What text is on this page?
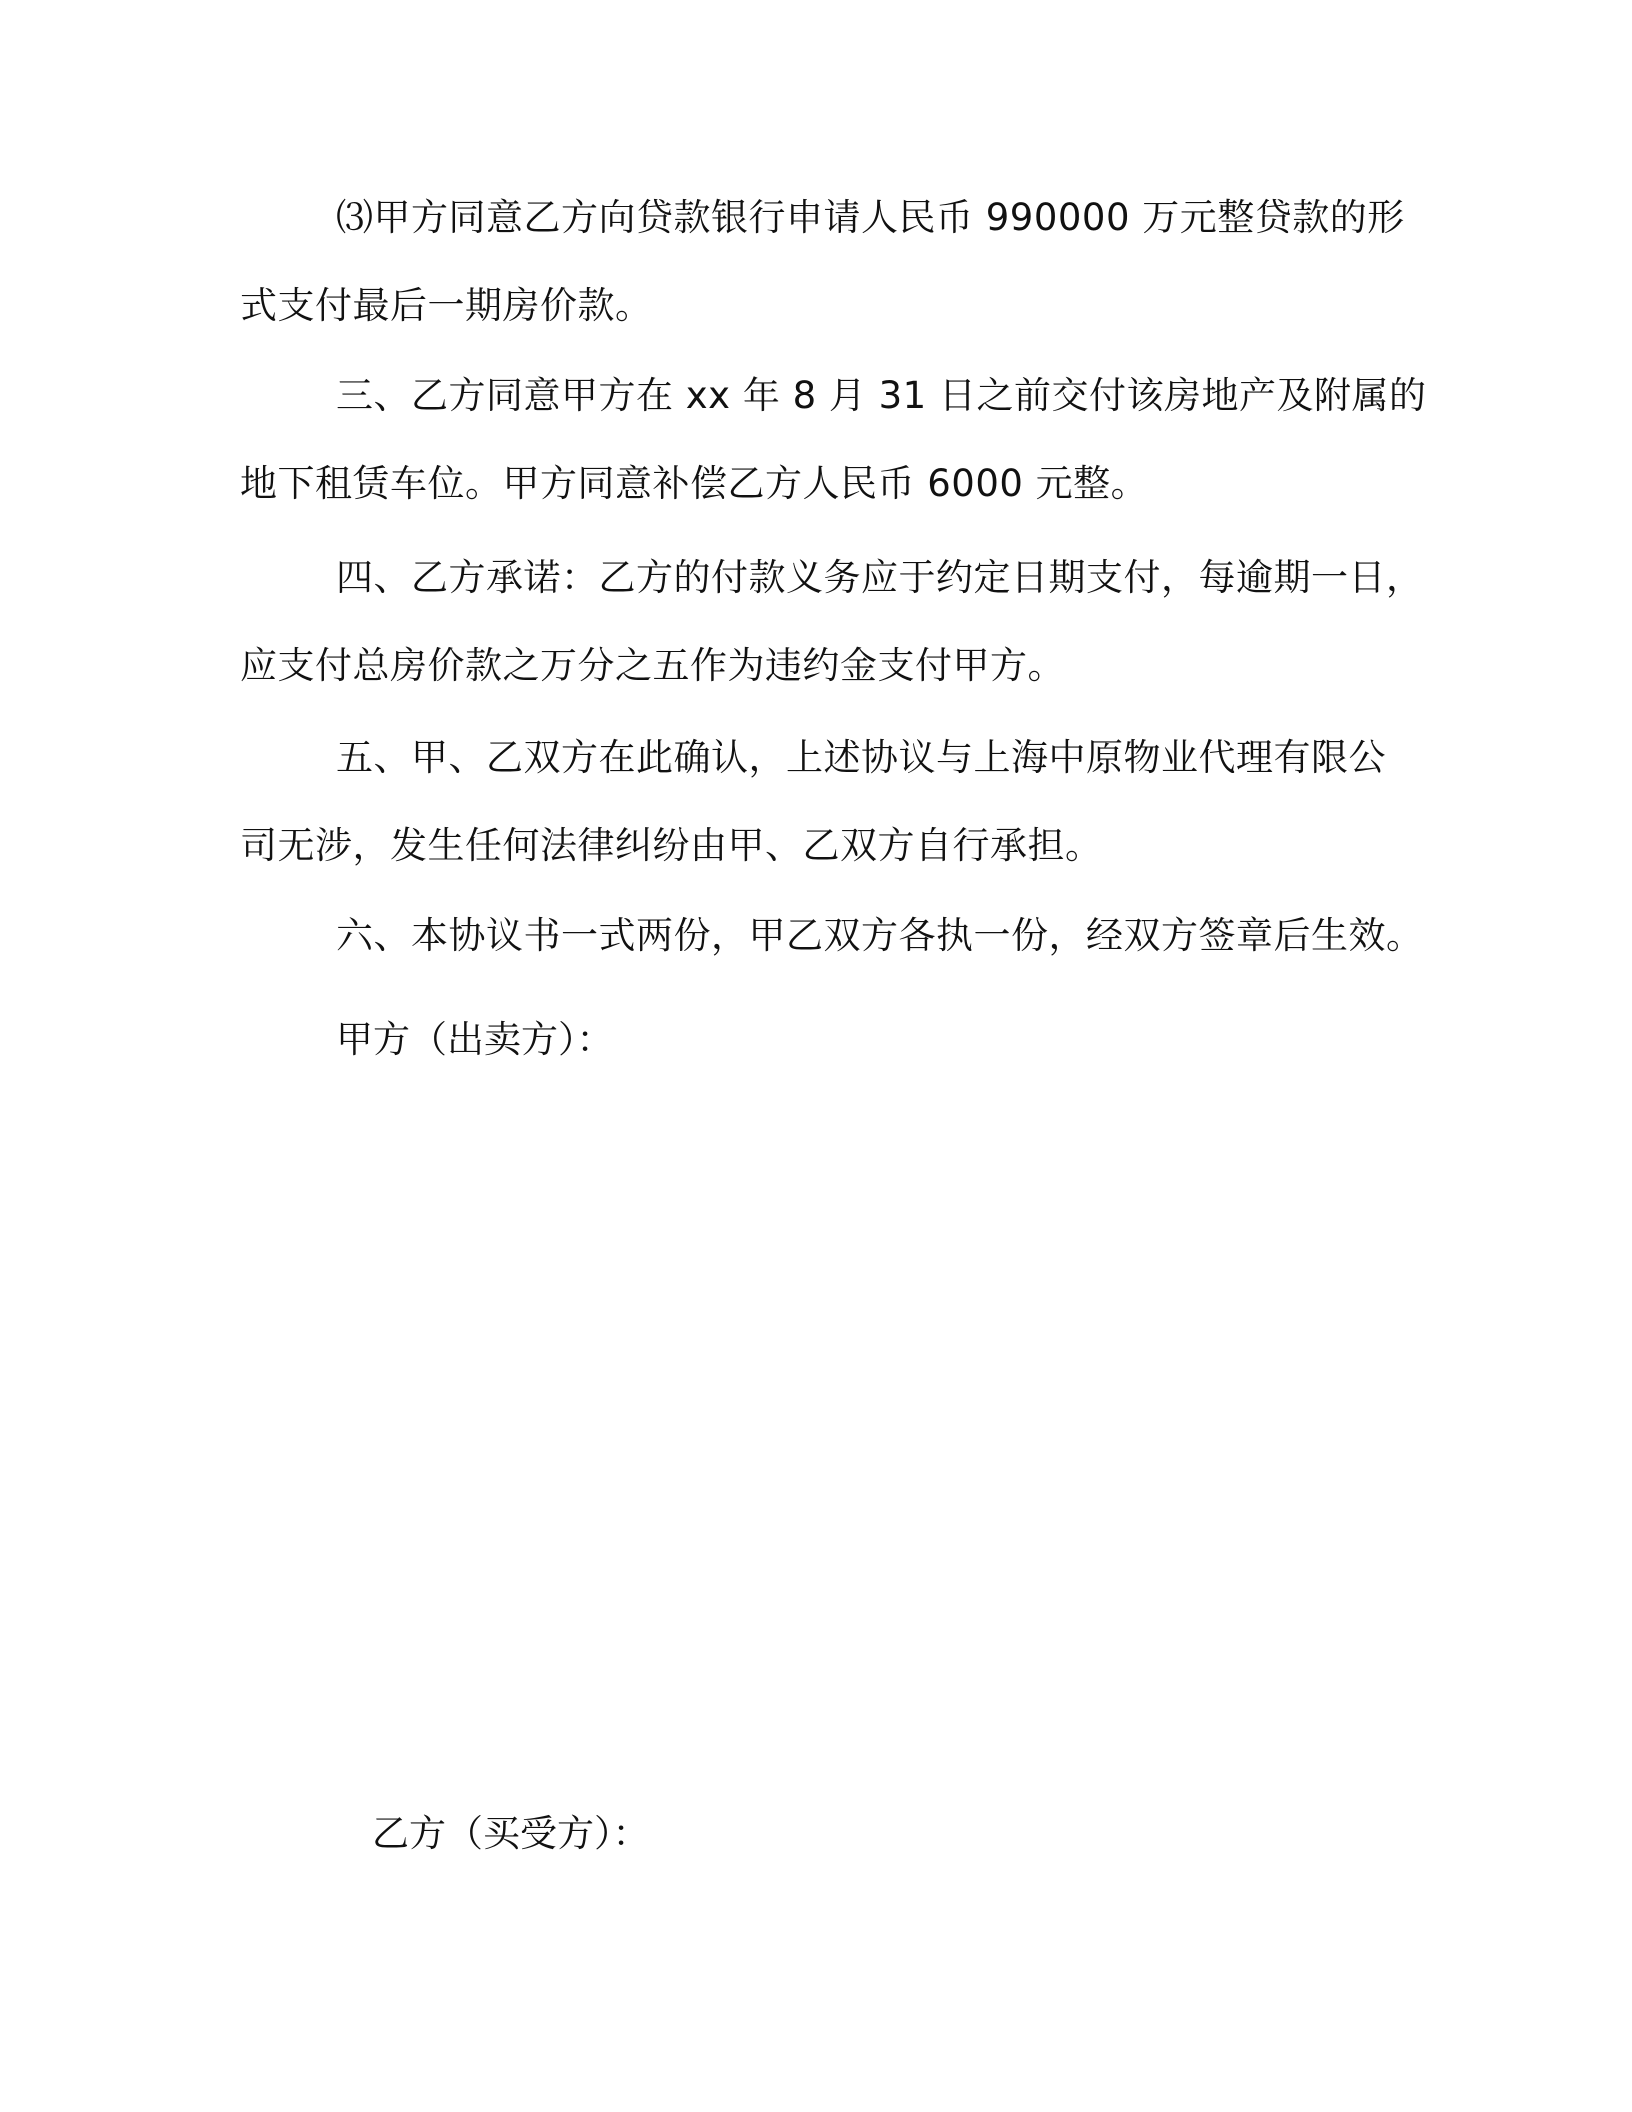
⑶甲方同意乙方向贷款银行申请人民币 990000 万元整贷款的形
式支付最后一期房价款。
三、乙方同意甲方在 xx 年 8 月 31 日之前交付该房地产及附属的
地下租赁车位。甲方同意补偿乙方人民币 6000 元整。
四、乙方承诺：乙方的付款义务应于约定日期支付，每逾期一日，
应支付总房价款之万分之五作为违约金支付甲方。
五、甲、乙双方在此确认，上述协议与上海中原物业代理有限公
司无涉，发生任何法律纠纷由甲、乙双方自行承担。
六、本协议书一式两份，甲乙双方各执一份，经双方签章后生效。
甲方（出卖方）：
乙方（买受方）：
